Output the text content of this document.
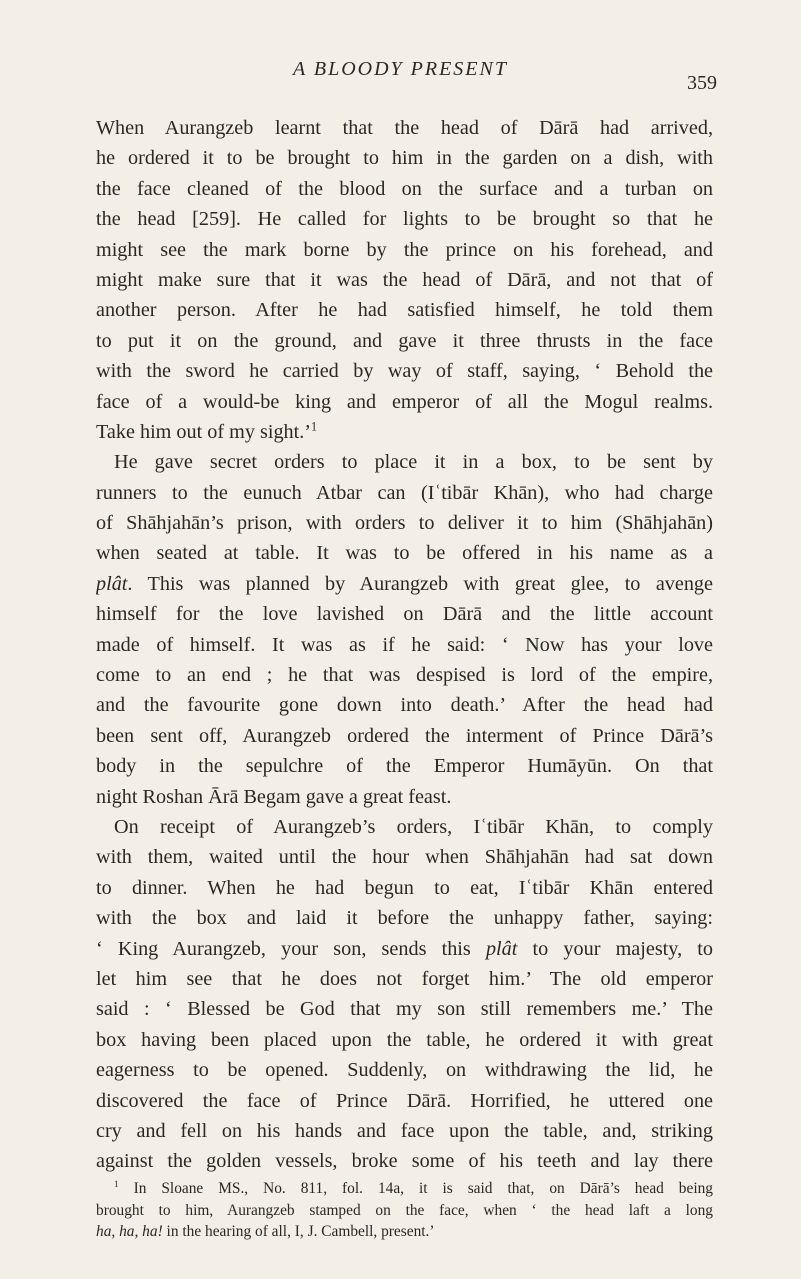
A BLOODY PRESENT
359
When Aurangzeb learnt that the head of Dārā had arrived,
he ordered it to be brought to him in the garden on a dish, with
the face cleaned of the blood on the surface and a turban on
the head [259]. He called for lights to be brought so that he
might see the mark borne by the prince on his forehead, and
might make sure that it was the head of Dārā, and not that of
another person. After he had satisfied himself, he told them
to put it on the ground, and gave it three thrusts in the face
with the sword he carried by way of staff, saying, ‘ Behold the
face of a would-be king and emperor of all the Mogul realms.
Take him out of my sight.’$^1$
He gave secret orders to place it in a box, to be sent by
runners to the eunuch Atbar can (Iʿtibār Khān), who had charge
of Shāhjahān’s prison, with orders to deliver it to him (Shāhjahān)
when seated at table. It was to be offered in his name as a
plât. This was planned by Aurangzeb with great glee, to avenge
himself for the love lavished on Dārā and the little account
made of himself. It was as if he said: ‘ Now has your love
come to an end ; he that was despised is lord of the empire,
and the favourite gone down into death.’ After the head had
been sent off, Aurangzeb ordered the interment of Prince Dārā’s
body in the sepulchre of the Emperor Humāyūn. On that
night Roshan Ārā Begam gave a great feast.
On receipt of Aurangzeb’s orders, Iʿtibār Khān, to comply
with them, waited until the hour when Shāhjahān had sat down
to dinner. When he had begun to eat, Iʿtibār Khān entered
with the box and laid it before the unhappy father, saying:
‘ King Aurangzeb, your son, sends this plât to your majesty, to
let him see that he does not forget him.’ The old emperor
said : ‘ Blessed be God that my son still remembers me.’ The
box having been placed upon the table, he ordered it with great
eagerness to be opened. Suddenly, on withdrawing the lid, he
discovered the face of Prince Dārā. Horrified, he uttered one
cry and fell on his hands and face upon the table, and, striking
against the golden vessels, broke some of his teeth and lay there
$^1$ In Sloane MS., No. 811, fol. 14a, it is said that, on Dārā’s head being
brought to him, Aurangzeb stamped on the face, when ‘ the head laft a long
ha, ha, ha! in the hearing of all, I, J. Cambell, present.’
